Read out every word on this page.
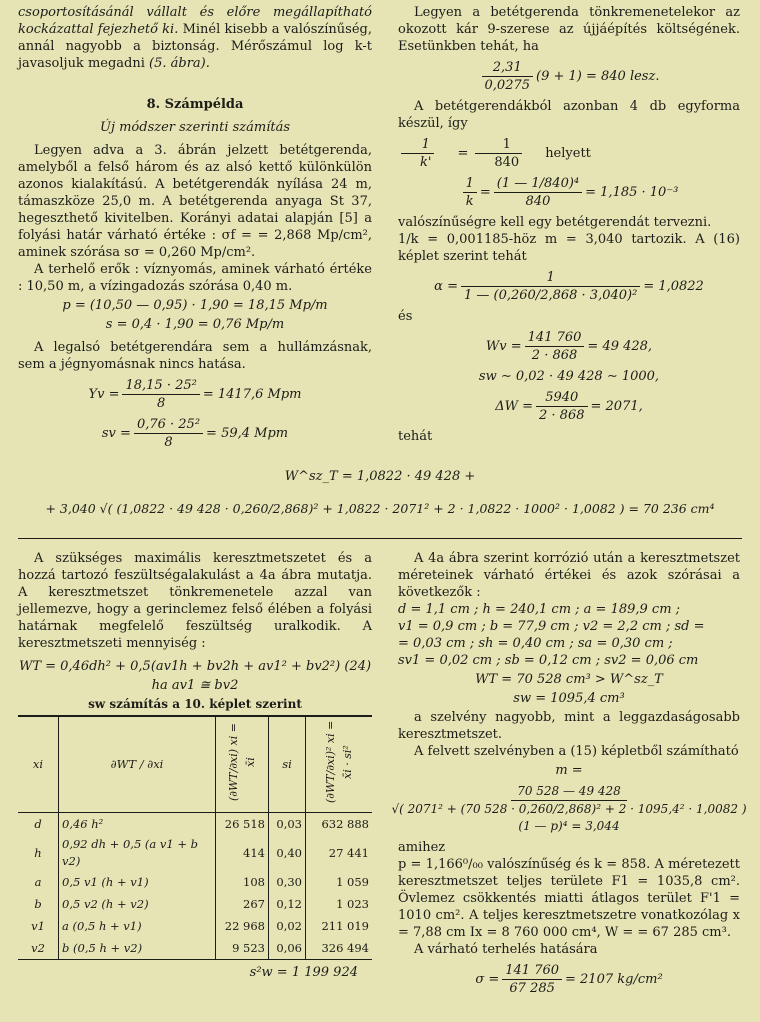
csoportosításánál vállalt és előre megállapítható kockázattal fejezhető ki. Minél kisebb a valószínűség, annál nagyobb a biztonság. Mérőszámul log k-t javasoljuk megadni (5. ábra).

8. Számpélda
Új módszer szerinti számítás

Legyen adva a 3. ábrán jelzett betétgerenda, amelyből a felső három és az alsó kettő különkülön azonos kialakítású. A betétgerendák nyílása 24 m, támaszköze 25,0 m. A betétgerenda anyaga St 37, hegeszthető kivitelben. Korányi adatai alapján [5] a folyási határ várható értéke : σf = = 2,868 Mp/cm², aminek szórása sσ = 0,260 Mp/cm².

A terhelő erők : víznyomás, aminek várható értéke : 10,50 m, a vízingadozás szórása 0,40 m.

p = (10,50 — 0,95) · 1,90 = 18,15 Mp/m
s = 0,4 · 1,90 = 0,76 Mp/m

A legalsó betétgerendára sem a hullámzásnak, sem a jégnyomásnak nincs hatása.

$Yv = \frac{\text{18,15 · 25²}}{8} = 1417,6$ Mpm
sv = $\frac{\text{0,76 · 25²}}{8} = 59,4$ Mpm

Legyen a betétgerenda tönkremenetelekor az okozott kár 9-szerese az újjáépítés költségének. Esetünkben tehát, ha

$\frac{2,31}{0,0275} (9 + 1) = 840$ lesz.
A betétgerendákból azonban 4 db egyforma készül, így
$\frac{1}{k'}$	= $\frac{1}{840}$	helyett
$\frac{1}{k} = \frac{\text{(1 — 1/840)⁴}}{840} = 1,185 \cdot 10^{-3}$

valószínűségre kell egy betétgerendát tervezni.

1/k = 0,001185-höz m = 3,040 tartozik. A (16) képlet szerint tehát

$\alpha = \frac{1}{\text{1 — (0,260/2,868 · 3,040)²}} = 1,0822$

és

$Wv = \frac{141 760}{2 \cdot 868} = 49$ 428,
sw ∼ 0,02 · 49 428 ∼ 1000,
$\Delta W = \frac{5940}{2 \cdot 868} = 2071$,

tehát

W^sz_T = 1,0822 · 49 428 +
+ 3,040 √( (1,0822 · 49 428 · 0,260/2,868)² + 1,0822 · 2071² + 2 · 1,0822 · 1000² · 1,0082 ) = 70 236 cm⁴

A szükséges maximális keresztmetszetet és a hozzá tartozó feszültségalakulást a 4a ábra mutatja. A keresztmetszet tönkremenetele azzal van jellemezve, hogy a gerinclemez felső élében a folyási határnak megfelelő feszültség uralkodik. A keresztmetszeti mennyiség :

WT = 0,46dh² + 0,5(av1h + bv2h + av1² + bv2²) (24)
ha av1 ≅ bv2
sw számítás a 10. képlet szerint
xi	∂WT / ∂xi	(∂WT/∂xi) xi = x̄i	si	(∂WT/∂xi)² xi = x̄i · si²
d	0,46 h²	26 518	0,03	632 888
h	0,92 dh + 0,5 (a v1 + b v2)	414	0,40	27 441
a	0,5 v1 (h + v1)	108	0,30	1 059
b	0,5 v2 (h + v2)	267	0,12	1 023
v1	a (0,5 h + v1)	22 968	0,02	211 019
v2	b (0,5 h + v2)	9 523	0,06	326 494
s²w = 1 199 924

A 4a ábra szerint korrózió után a keresztmetszet méreteinek várható értékei és azok szórásai a következők :

d = 1,1 cm ; h = 240,1 cm ; a = 189,9 cm ;

v1 = 0,9 cm ; b = 77,9 cm ; v2 = 2,2 cm ; sd =

= 0,03 cm ; sh = 0,40 cm ; sa = 0,30 cm ;

sv1 = 0,02 cm ; sb = 0,12 cm ; sv2 = 0,06 cm

WT = 70 528 cm³ > W^sz_T
sw = 1095,4 cm³

a szelvény nagyobb, mint a leggazdaságosabb keresztmetszet.

A felvett szelvényben a (15) képletből számítható

m =
70 528 — 49 428
√( 2071² + (70 528 · 0,260/2,868)² + 2 · 1095,4² · 1,0082 )
(1 — p)⁴ = 3,044

amihez

p = 1,166⁰/₀₀ valószínűség és k = 858. A méretezett keresztmetszet teljes területe F1 = 1035,8 cm². Övlemez csökkentés miatti átlagos terület F'1 = 1010 cm². A teljes keresztmetszetre vonatkozólag x = 7,88 cm Ix = 8 760 000 cm⁴, W = = 67 285 cm³.

A várható terhelés hatására

$\sigma = \frac{141 760}{67 285} = 2107$ kg/cm²
